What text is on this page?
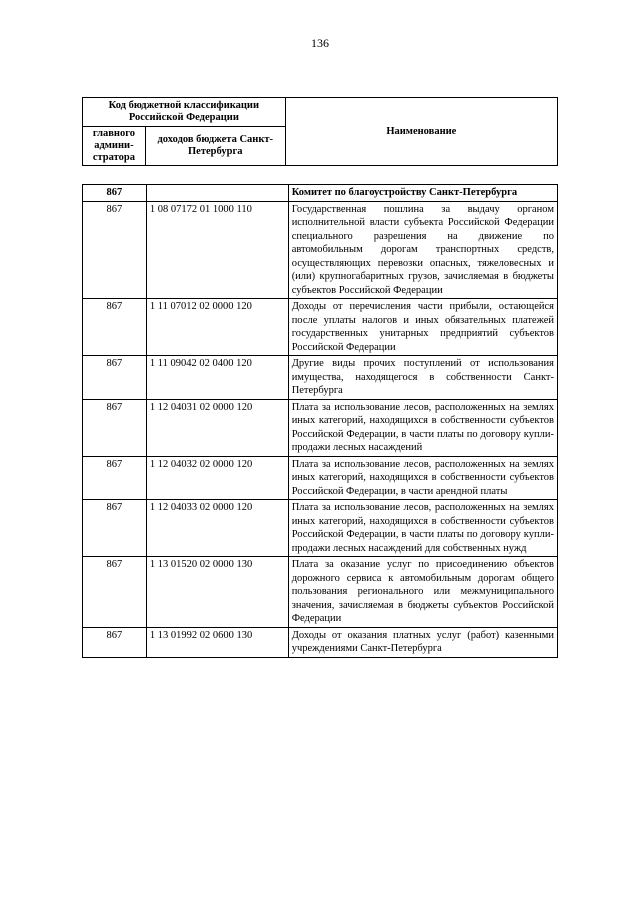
136
Код бюджетной классификации Российской Федерации		Наименование
главного админи-стратора	доходов бюджета Санкт-Петербурга	
867		Комитет по благоустройству Санкт-Петербурга
867	1 08 07172 01 1000 110	Государственная пошлина за выдачу органом исполнительной власти субъекта Российской Федерации специального разрешения на движение по автомобильным дорогам транспортных средств, осуществляющих перевозки опасных, тяжеловесных и (или) крупногабаритных грузов, зачисляемая в бюджеты субъектов Российской Федерации
867	1 11 07012 02 0000 120	Доходы от перечисления части прибыли, остающейся после уплаты налогов и иных обязательных платежей государственных унитарных предприятий субъектов Российской Федерации
867	1 11 09042 02 0400 120	Другие виды прочих поступлений от использования имущества, находящегося в собственности Санкт-Петербурга
867	1 12 04031 02 0000 120	Плата за использование лесов, расположенных на землях иных категорий, находящихся в собственности субъектов Российской Федерации, в части платы по договору купли-продажи лесных насаждений
867	1 12 04032 02 0000 120	Плата за использование лесов, расположенных на землях иных категорий, находящихся в собственности субъектов Российской Федерации, в части арендной платы
867	1 12 04033 02 0000 120	Плата за использование лесов, расположенных на землях иных категорий, находящихся в собственности субъектов Российской Федерации, в части платы по договору купли-продажи лесных насаждений для собственных нужд
867	1 13 01520 02 0000 130	Плата за оказание услуг по присоединению объектов дорожного сервиса к автомобильным дорогам общего пользования регионального или межмуниципального значения, зачисляемая в бюджеты субъектов Российской Федерации
867	1 13 01992 02 0600 130	Доходы от оказания платных услуг (работ) казенными учреждениями Санкт-Петербурга
